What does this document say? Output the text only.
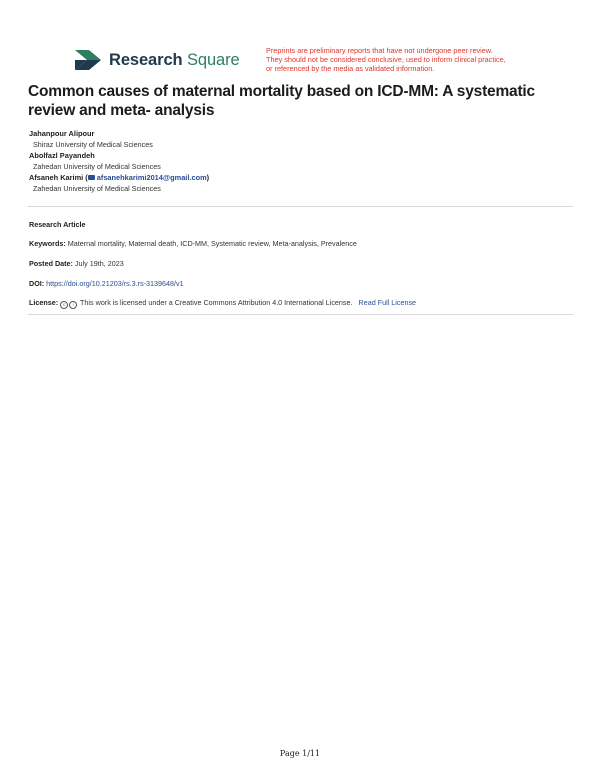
Research Square	Preprints are preliminary reports that have not undergone peer review.
They should not be considered conclusive, used to inform clinical practice,
or referenced by the media as validated information.
Common causes of maternal mortality based on ICD-MM: A systematic review and meta- analysis
Jahanpour Alipour
Shiraz University of Medical Sciences
Abolfazl Payandeh
Zahedan University of Medical Sciences
Afsaneh Karimi ( afsanehkarimi2014@gmail.com)
Zahedan University of Medical Sciences
Research Article
Keywords: Maternal mortality, Maternal death, ICD-MM, Systematic review, Meta-analysis, Prevalence
Posted Date: July 19th, 2023
DOI: https://doi.org/10.21203/rs.3.rs-3139648/v1
License: c i This work is licensed under a Creative Commons Attribution 4.0 International License. Read Full License
Page 1/11
